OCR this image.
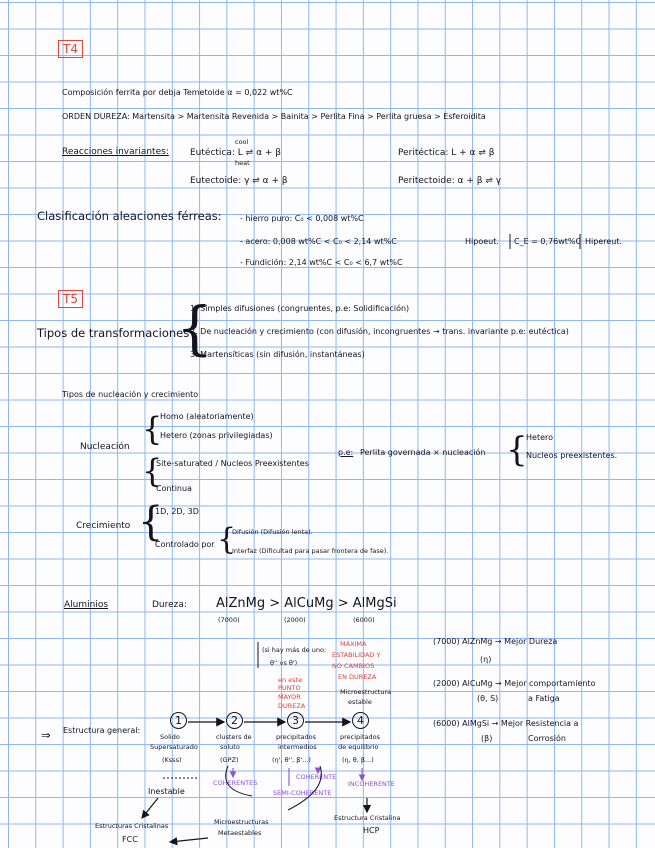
T4
Composición ferrita por debja Temetoide α = 0,022 wt%C
ORDEN DUREZA: Martensita > Martensita Revenida > Bainita > Perlita Fina > Perlita gruesa > Esferoidita
Reacciones invariantes:
cool
heat
Eutéctica: L ⇌ α + β	Peritéctica: L + α ⇌ β
Eutectoide: γ ⇌ α + β	Peritectoide: α + β ⇌ γ
Clasificación aleaciones férreas: - hierro puro: C₀ < 0,008 wt%C
- acero: 0,008 wt%C < C₀ < 2,14 wt%C
- Fundición: 2,14 wt%C < C₀ < 6,7 wt%C
Hipoeut. C_E = 0,76wt%C Hipereut.
T5
Tipos de transformaciones
{
1. Simples difusiones (congruentes, p.e: Solidificación)
2. De nucleación y crecimiento (con difusión, incongruentes → trans. invariante p.e: eutéctica)
3. Martensíticas (sin difusión, instantáneas)
Tipos de nucleación y crecimiento
Nucleación {
Homo (aleatoriamente)
Hetero (zonas privilegiadas)
{
Site-saturated / Nucleos Preexistentes
Continua
p.e: Perlita governada × nucleación {
Hetero
Nucleos preexistentes.
Crecimiento {
1D, 2D, 3D
Controlado por {
Difusión (Difusión lenta).
Interfaz (Dificultad para pasar frontera de fase).
Aluminios	Dureza: AlZnMg > AlCuMg > AlMgSi
(7000)	(2000)	(6000)
(si hay más de uno:
θ'' vs θ')
MÁXIMA
ESTABILIDAD Y
NO CAMBIOS
EN DUREZA
en este
PUNTO
MAYOR
DUREZA
Microestructura
estable
(7000) AlZnMg → Mejor Dureza
(η)
(2000) AlCuMg → Mejor comportamiento
(θ, S)	a Fatiga
(6000) AlMgSi → Mejor Resistencia a
(β)	Corrosión
⇒ Estructura general:
1	2	3	4
Solido
Supersaturado
(Ksss)
clusters de
soluto
(GPZ)
precipitados
intermedios
(η', θ'', β'...)
precipitados
de equilibrio
(η, θ, β...)
COHERENTES
COHERENTE
SEMI-COHERENTE
INCOHERENTE
Inestable
Estructuras Cristalinas
FCC
Microestructuras
Metaestables
Estructura Cristalina
HCP
